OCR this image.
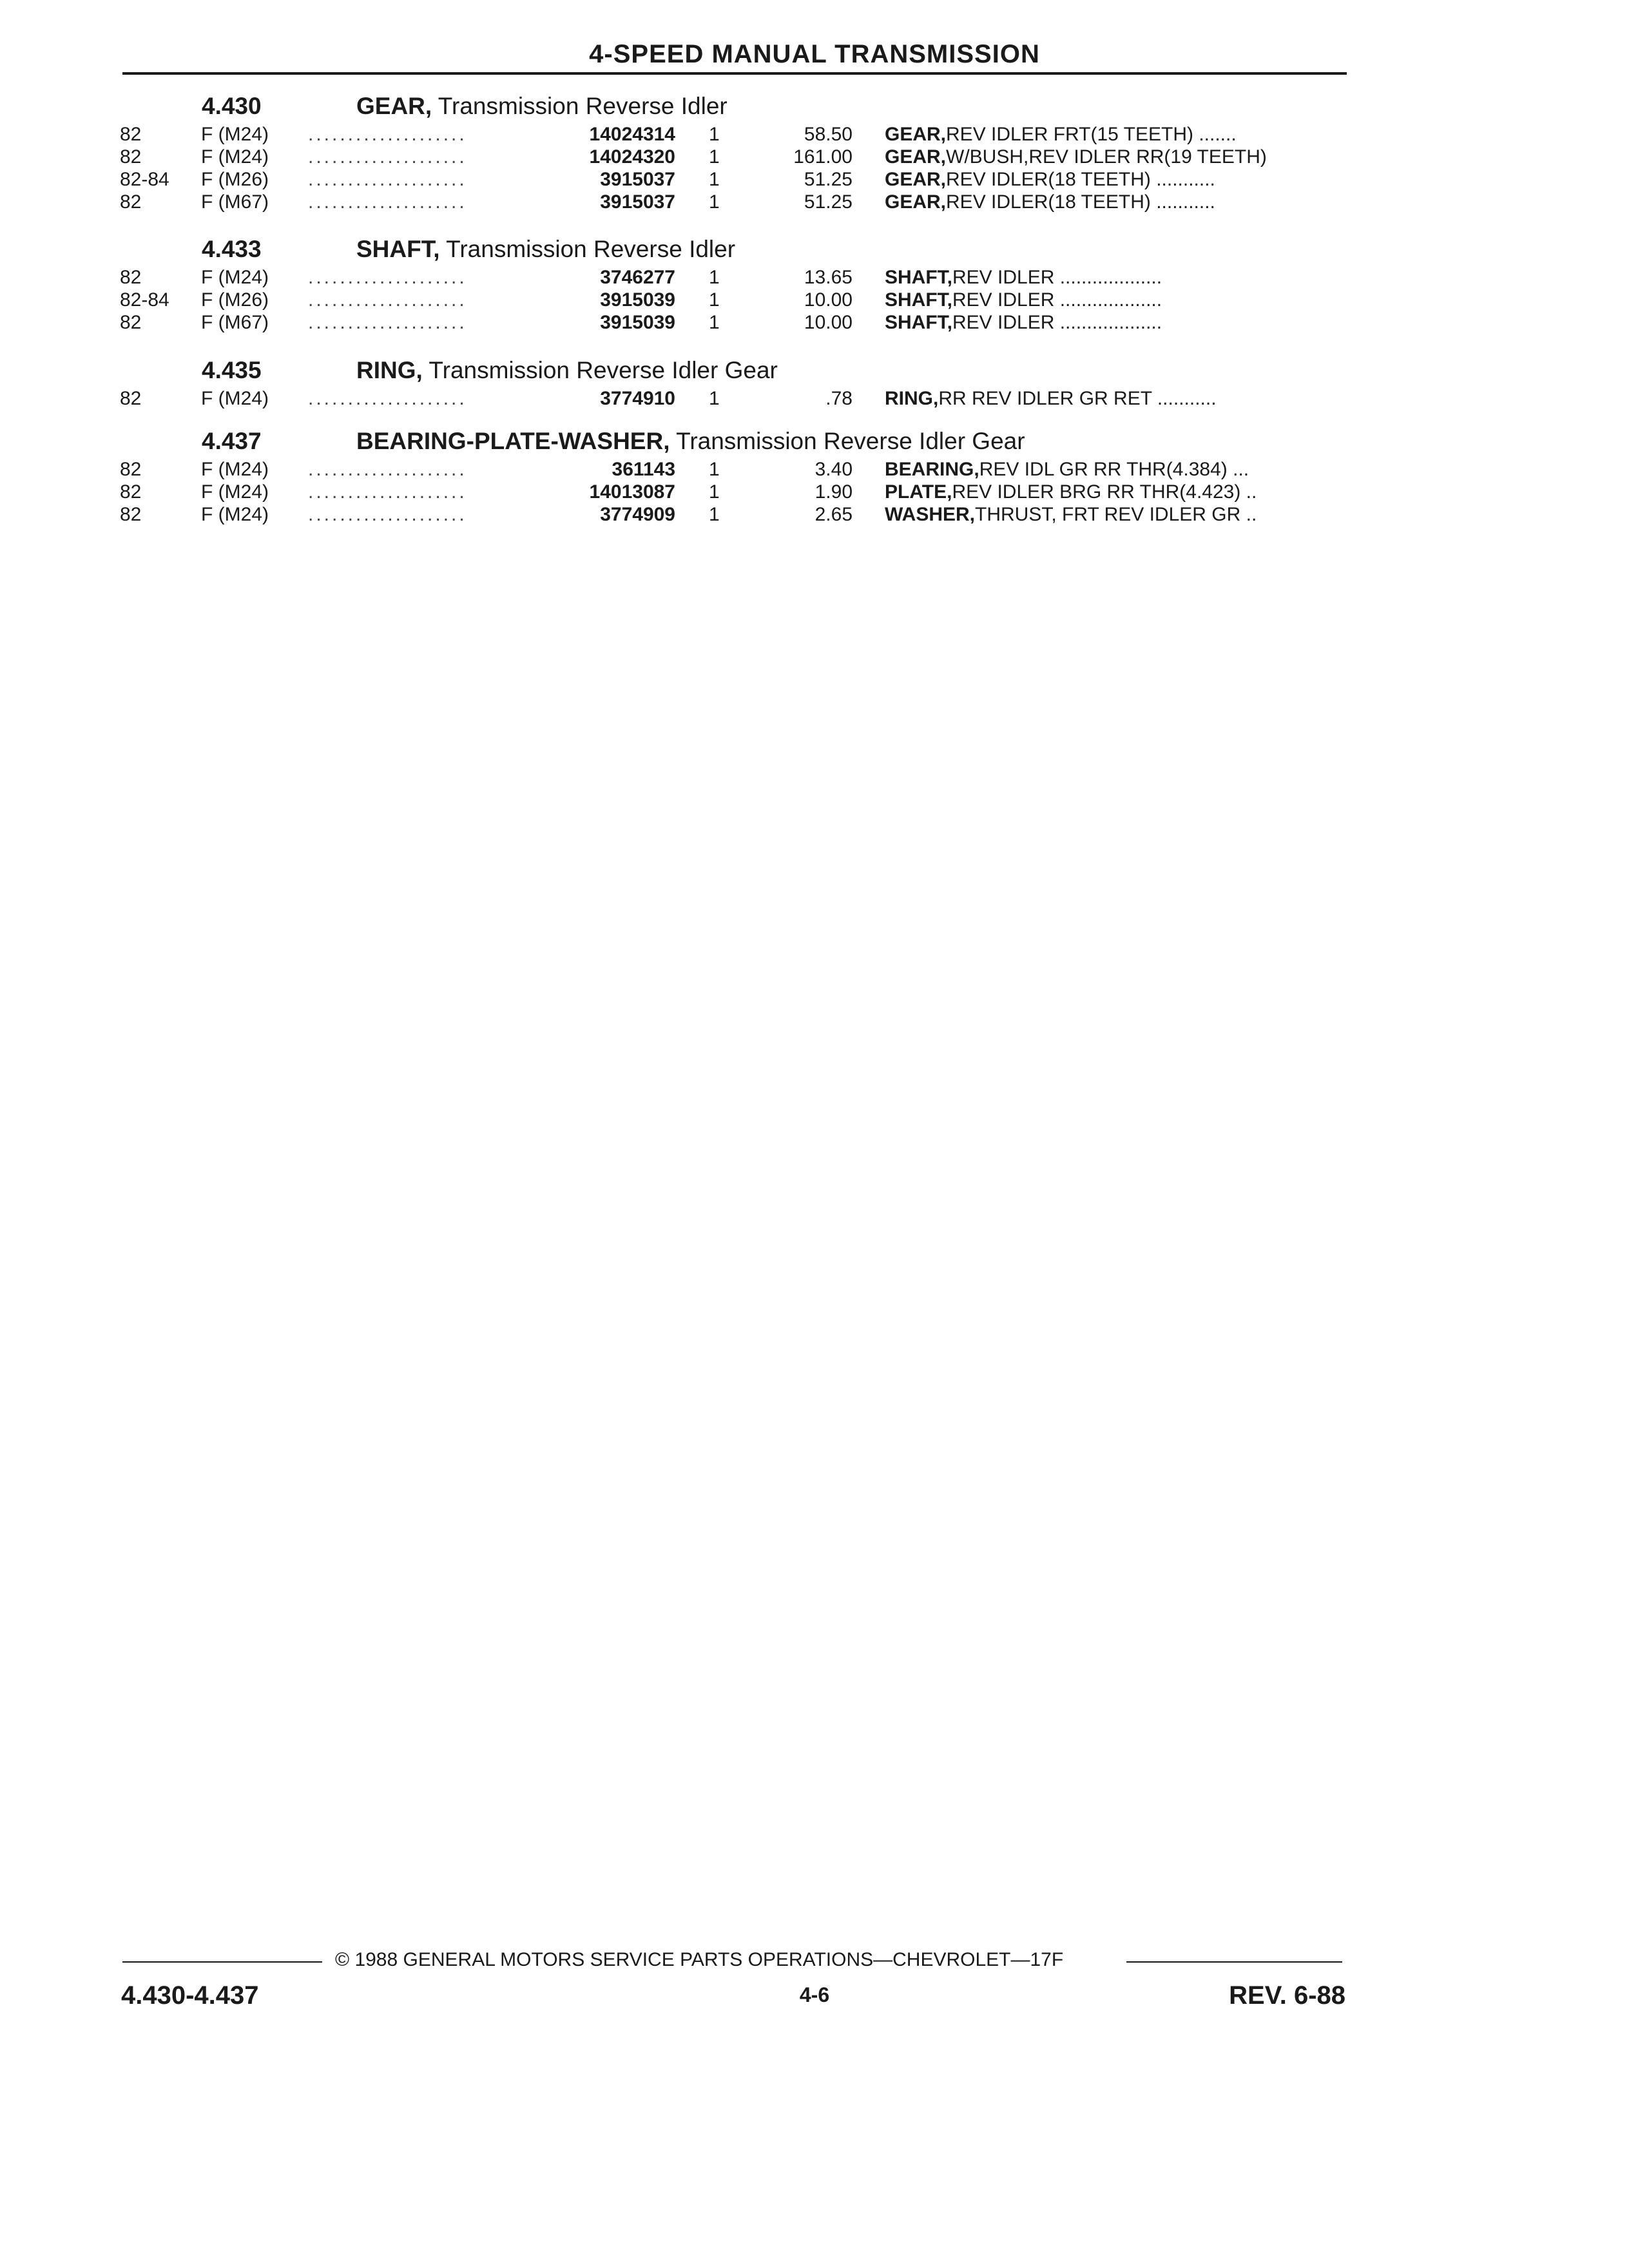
4-SPEED MANUAL TRANSMISSION
4.430	GEAR, Transmission Reverse Idler
82	F (M24) ....................	14024314 1	58.50 GEAR, REV IDLER FRT(15 TEETH) .......
82	F (M24) ....................	14024320 1	161.00 GEAR, W/BUSH,REV IDLER RR(19 TEETH)
82-84 F (M26) ....................	3915037 1	51.25 GEAR, REV IDLER(18 TEETH) ...........
82	F (M67) ....................	3915037 1	51.25 GEAR, REV IDLER(18 TEETH) ...........
4.433	SHAFT, Transmission Reverse Idler
82	F (M24) ....................	3746277 1	13.65 SHAFT, REV IDLER ...................
82-84 F (M26) ....................	3915039 1	10.00 SHAFT, REV IDLER ...................
82	F (M67) ....................	3915039 1	10.00 SHAFT, REV IDLER ...................
4.435	RING, Transmission Reverse Idler Gear
82	F (M24) ....................	3774910 1	.78 RING, RR REV IDLER GR RET ...........
4.437	BEARING-PLATE-WASHER, Transmission Reverse Idler Gear
82	F (M24) ....................	361143 1	3.40 BEARING, REV IDL GR RR THR(4.384) ...
82	F (M24) ....................	14013087 1	1.90 PLATE, REV IDLER BRG RR THR(4.423) ..
82	F (M24) ....................	3774909 1	2.65 WASHER, THRUST, FRT REV IDLER GR ..
© 1988 GENERAL MOTORS SERVICE PARTS OPERATIONS—CHEVROLET—17F
4.430-4.437	4-6	REV. 6-88
